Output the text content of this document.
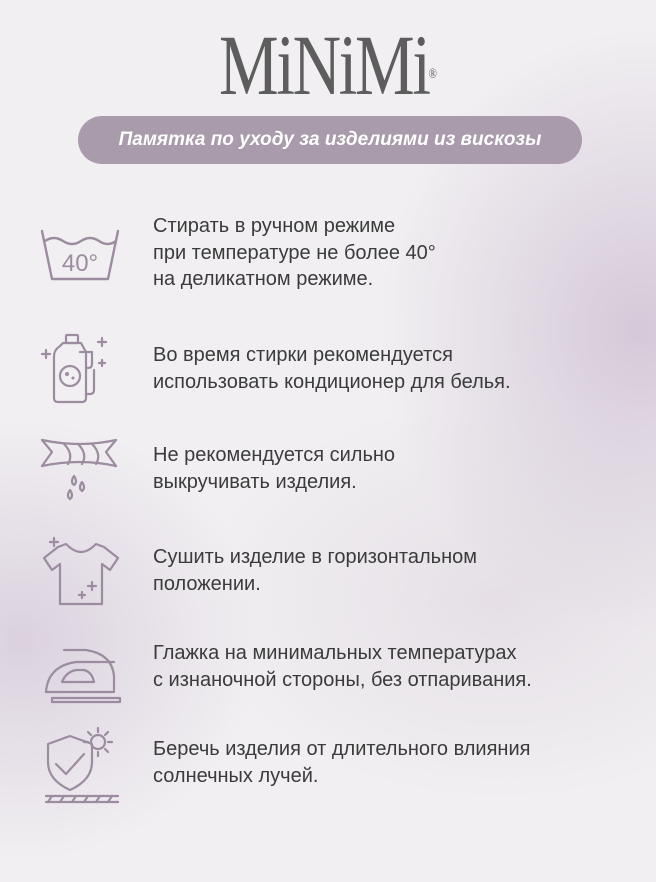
MiNiMi®
Памятка по уходу за изделиями из вискозы
40°
Стирать в ручном режиме
при температуре не более 40°
на деликатном режиме.
Во время стирки рекомендуется
использовать кондиционер для белья.
Не рекомендуется сильно
выкручивать изделия.
Сушить изделие в горизонтальном
положении.
Глажка на минимальных температурах
с изнаночной стороны, без отпаривания.
Беречь изделия от длительного влияния
солнечных лучей.
